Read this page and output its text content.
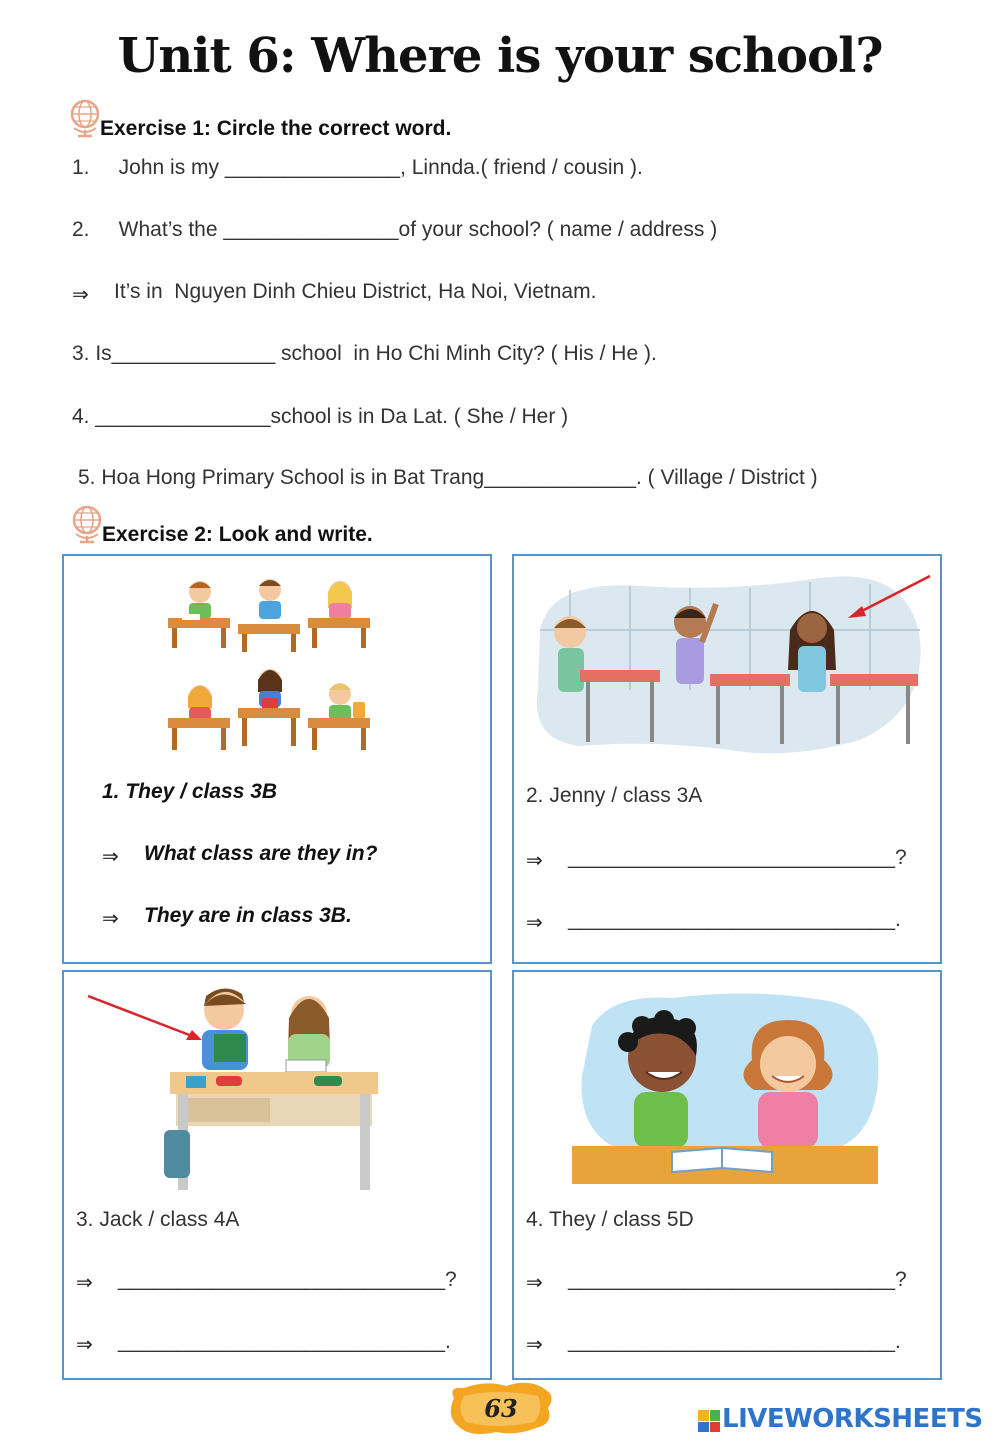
Unit 6: Where is your school?
Exercise 1: Circle the correct word.
1.     John is my _______________, Linnda.( friend / cousin ).
2.     What’s the _______________of your school? ( name / address )
⇒ It’s in  Nguyen Dinh Chieu District, Ha Noi, Vietnam.
3. Is______________ school  in Ho Chi Minh City? ( His / He ).
4. _______________school is in Da Lat. ( She / Her )
5. Hoa Hong Primary School is in Bat Trang_____________. ( Village / District )
Exercise 2: Look and write.
1. They / class 3B
⇒ What class are they in?
⇒ They are in class 3B.
2. Jenny / class 3A
⇒ ____________________________?
⇒ ____________________________.
3. Jack / class 4A
⇒ ____________________________?
⇒ ____________________________.
4. They / class 5D
⇒ ____________________________?
⇒ ____________________________.
63	LIVEWORKSHEETS
